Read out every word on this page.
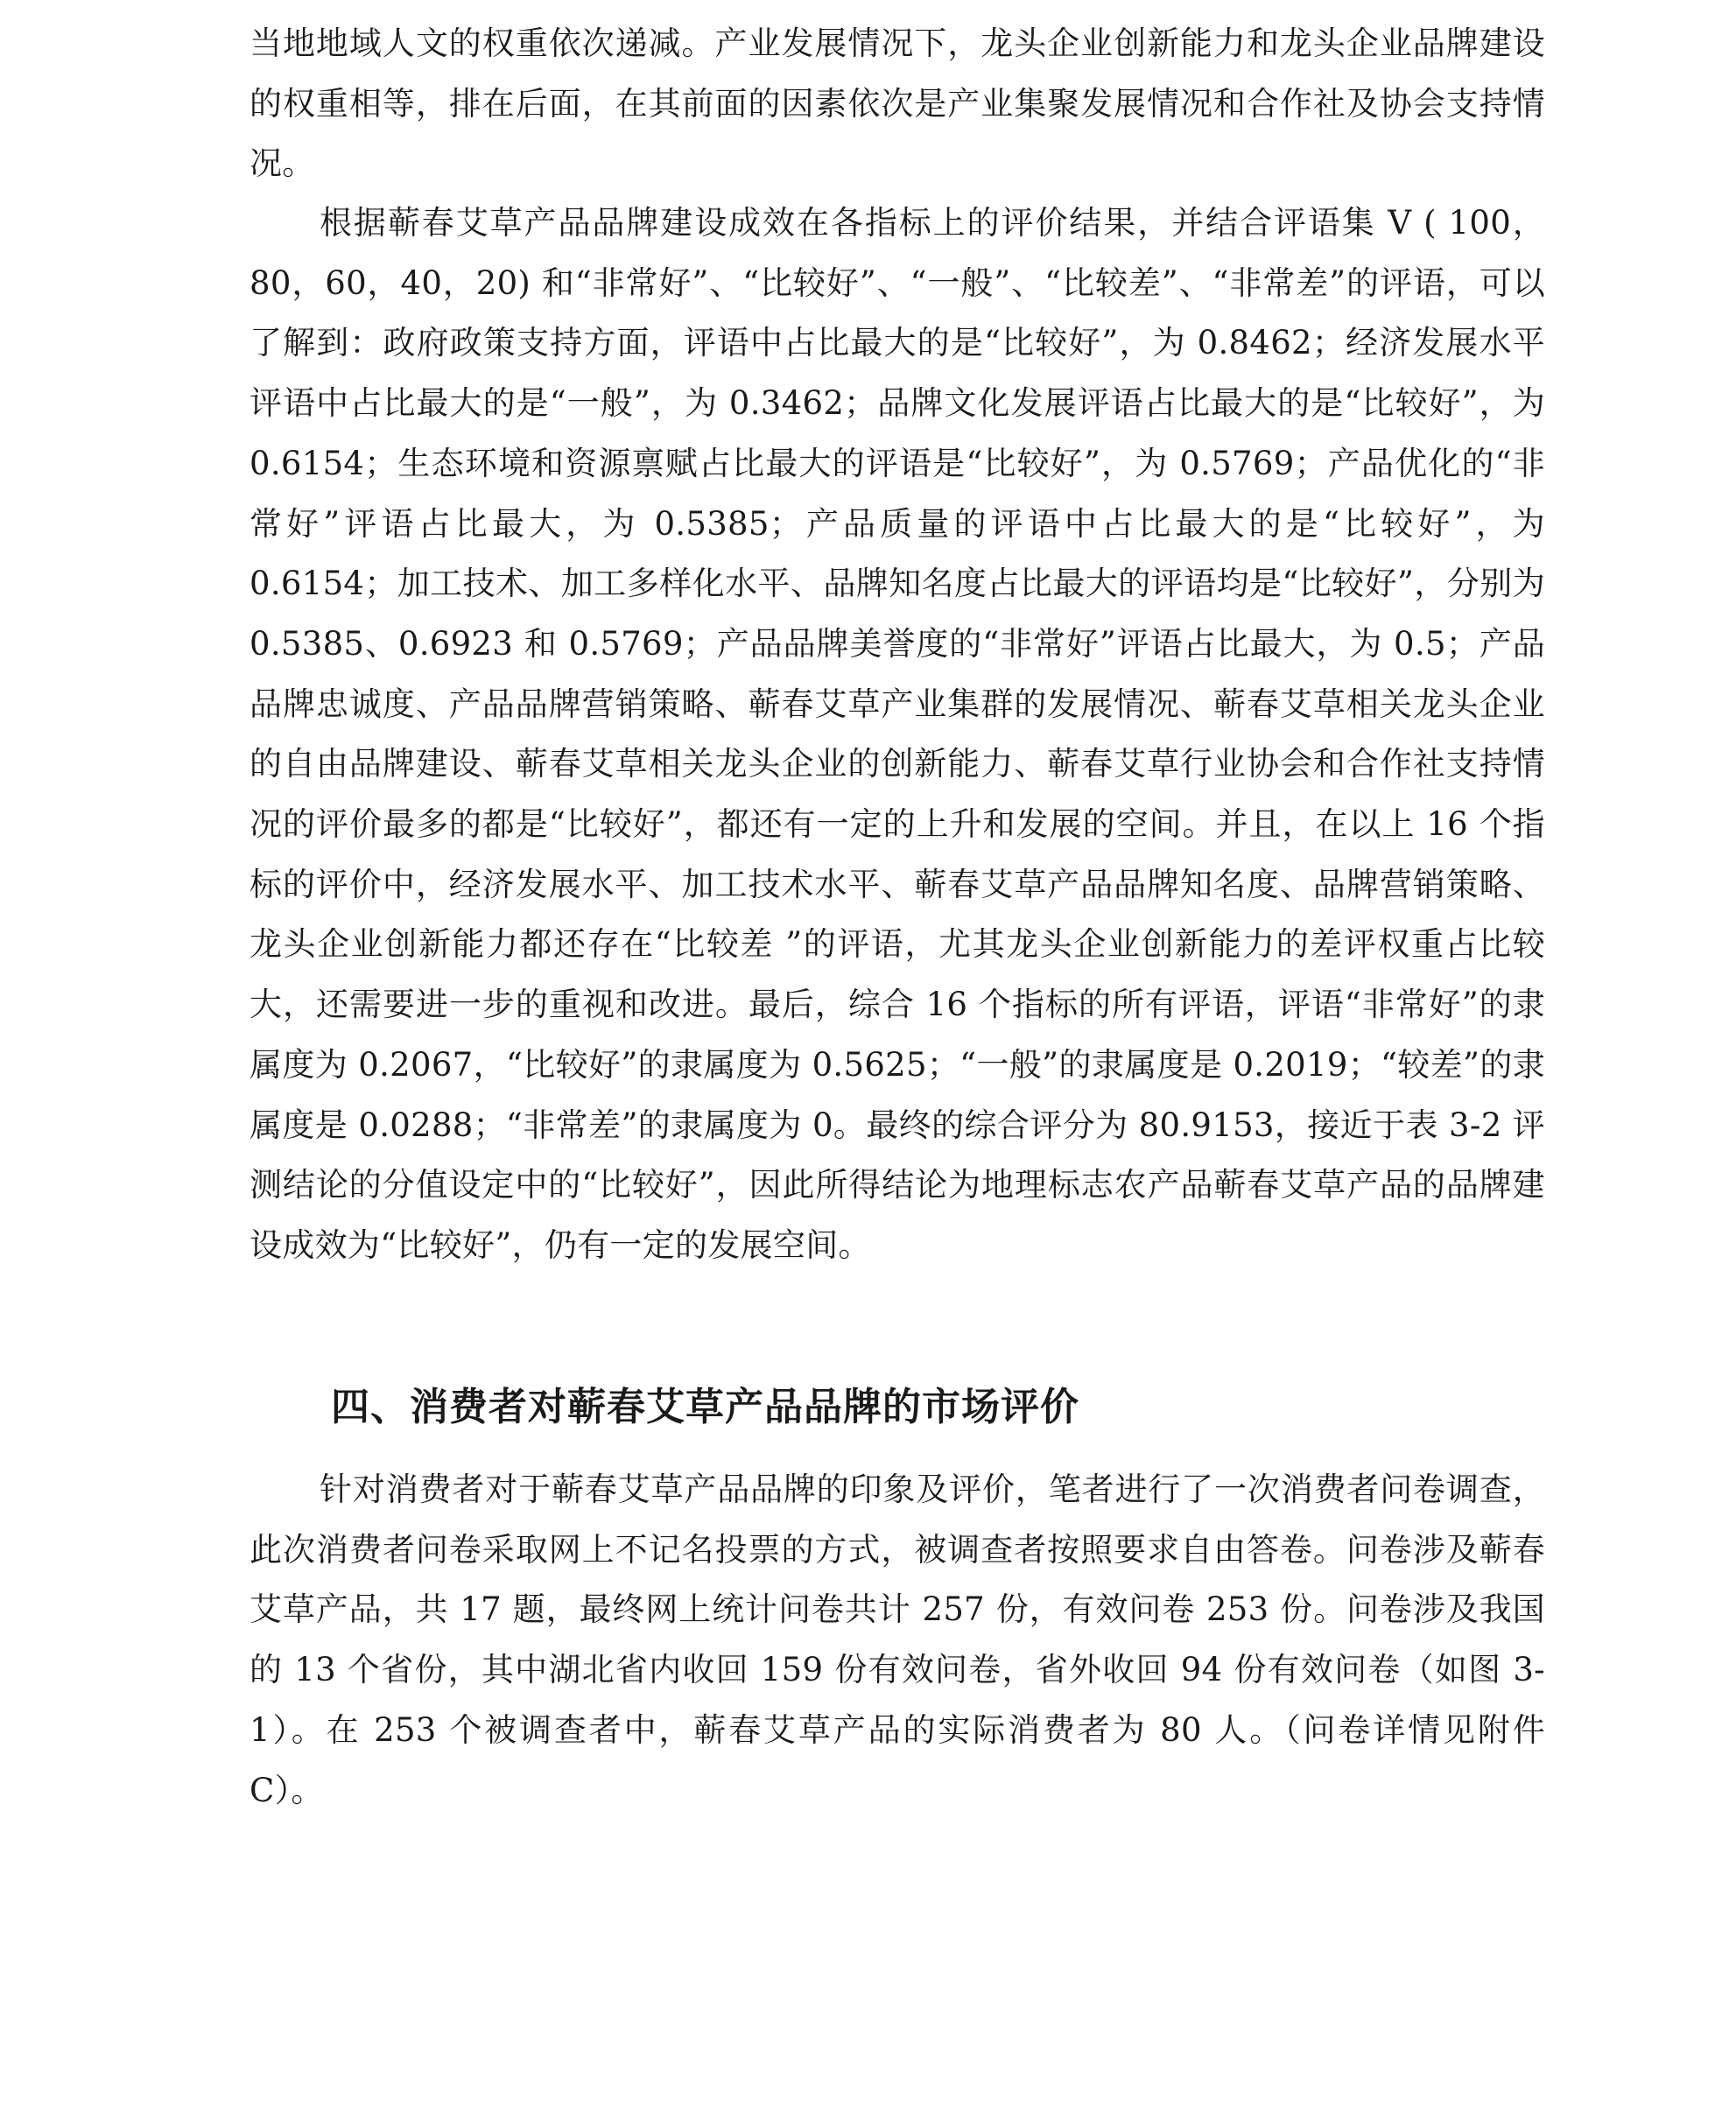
当地地域人文的权重依次递减。产业发展情况下，龙头企业创新能力和龙头企业品牌建设的权重相等，排在后面，在其前面的因素依次是产业集聚发展情况和合作社及协会支持情况。

根据蕲春艾草产品品牌建设成效在各指标上的评价结果，并结合评语集 V ( 100，80，60，40，20) 和“非常好”、“比较好”、“一般”、“比较差”、“非常差”的评语，可以了解到：政府政策支持方面，评语中占比最大的是“比较好”，为 0.8462；经济发展水平评语中占比最大的是“一般”，为 0.3462；品牌文化发展评语占比最大的是“比较好”，为 0.6154；生态环境和资源禀赋占比最大的评语是“比较好”，为 0.5769；产品优化的“非常好”评语占比最大，为 0.5385；产品质量的评语中占比最大的是“比较好”，为 0.6154；加工技术、加工多样化水平、品牌知名度占比最大的评语均是“比较好”，分别为 0.5385、0.6923 和 0.5769；产品品牌美誉度的“非常好”评语占比最大，为 0.5；产品品牌忠诚度、产品品牌营销策略、蕲春艾草产业集群的发展情况、蕲春艾草相关龙头企业的自由品牌建设、蕲春艾草相关龙头企业的创新能力、蕲春艾草行业协会和合作社支持情况的评价最多的都是“比较好”，都还有一定的上升和发展的空间。并且，在以上 16 个指标的评价中，经济发展水平、加工技术水平、蕲春艾草产品品牌知名度、品牌营销策略、龙头企业创新能力都还存在“比较差 ”的评语，尤其龙头企业创新能力的差评权重占比较大，还需要进一步的重视和改进。最后，综合 16 个指标的所有评语，评语“非常好”的隶属度为 0.2067，“比较好”的隶属度为 0.5625；“一般”的隶属度是 0.2019；“较差”的隶属度是 0.0288；“非常差”的隶属度为 0。最终的综合评分为 80.9153，接近于表 3-2 评测结论的分值设定中的“比较好”，因此所得结论为地理标志农产品蕲春艾草产品的品牌建设成效为“比较好”，仍有一定的发展空间。

四、消费者对蕲春艾草产品品牌的市场评价

针对消费者对于蕲春艾草产品品牌的印象及评价，笔者进行了一次消费者问卷调查，此次消费者问卷采取网上不记名投票的方式，被调查者按照要求自由答卷。问卷涉及蕲春艾草产品，共 17 题，最终网上统计问卷共计 257 份，有效问卷 253 份。问卷涉及我国的 13 个省份，其中湖北省内收回 159 份有效问卷，省外收回 94 份有效问卷（如图 3-1）。在 253 个被调查者中，蕲春艾草产品的实际消费者为 80 人。（问卷详情见附件 C）。
